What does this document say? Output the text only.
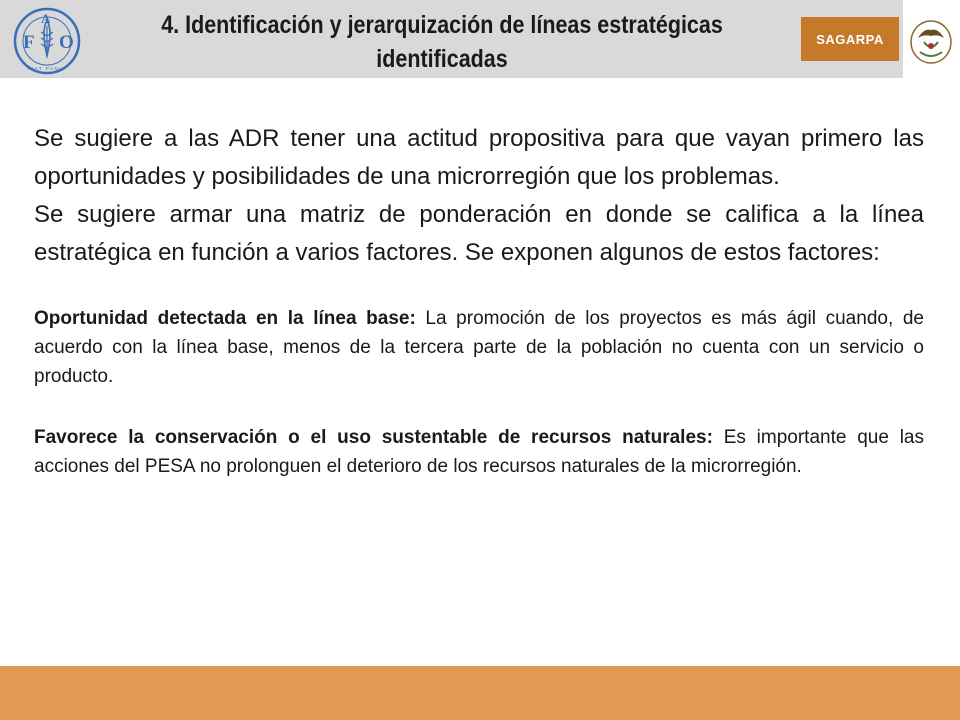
F
A
O
FIAT PANIS
4. Identificación y jerarquización de líneas estratégicas
identificadas
SAGARPA

Se sugiere a las ADR tener una actitud propositiva para que vayan primero las oportunidades y posibilidades de una microrregión que los problemas.

Se sugiere armar una matriz de ponderación en donde se califica a la línea estratégica en función a varios factores. Se exponen algunos de estos factores:

Oportunidad detectada en la línea base: La promoción de los proyectos es más ágil cuando, de acuerdo con la línea base, menos de la tercera parte de la población no cuenta con un servicio o producto.

Favorece la conservación o el uso sustentable de recursos naturales: Es importante que las acciones del PESA no prolonguen el deterioro de los recursos naturales de la microrregión.
